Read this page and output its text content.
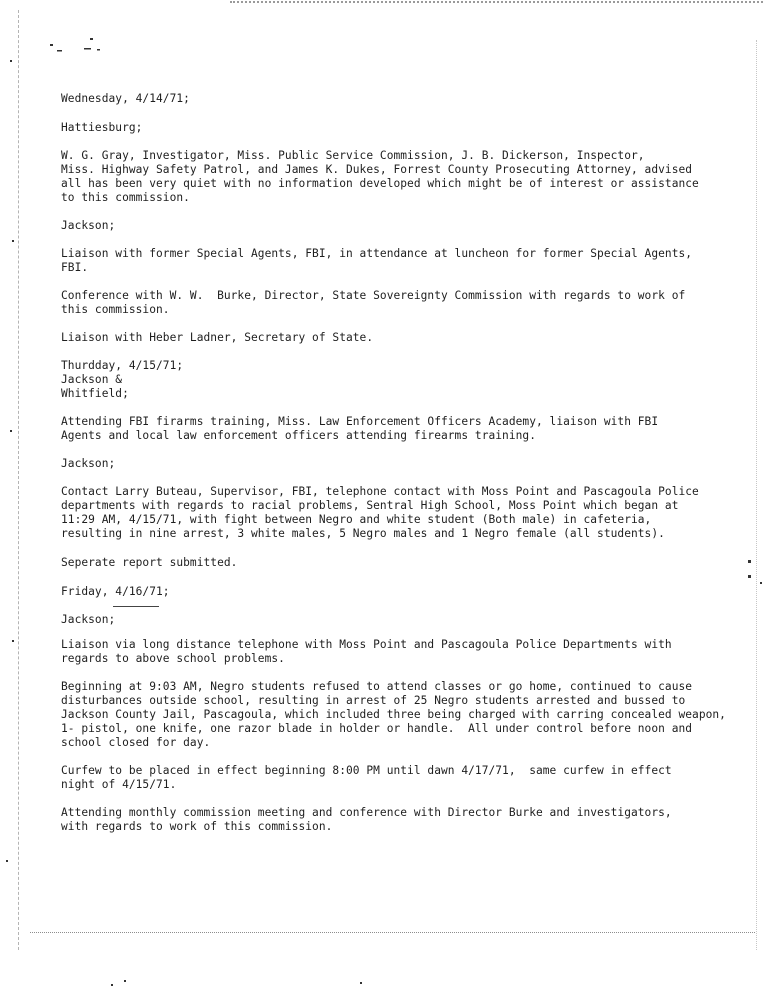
Wednesday, 4/14/71;
Hattiesburg;
W. G. Gray, Investigator, Miss. Public Service Commission, J. B. Dickerson, Inspector,
Miss. Highway Safety Patrol, and James K. Dukes, Forrest County Prosecuting Attorney, advised
all has been very quiet with no information developed which might be of interest or assistance
to this commission.
Jackson;
Liaison with former Special Agents, FBI, in attendance at luncheon for former Special Agents,
FBI.
Conference with W. W.  Burke, Director, State Sovereignty Commission with regards to work of
this commission.
Liaison with Heber Ladner, Secretary of State.
Thurdday, 4/15/71;
Jackson &
Whitfield;
Attending FBI firarms training, Miss. Law Enforcement Officers Academy, liaison with FBI
Agents and local law enforcement officers attending firearms training.
Jackson;
Contact Larry Buteau, Supervisor, FBI, telephone contact with Moss Point and Pascagoula Police
departments with regards to racial problems, Sentral High School, Moss Point which began at
11:29 AM, 4/15/71, with fight between Negro and white student (Both male) in cafeteria,
resulting in nine arrest, 3 white males, 5 Negro males and 1 Negro female (all students).
Seperate report submitted.
Friday, 4/16/71;
Jackson;
Liaison via long distance telephone with Moss Point and Pascagoula Police Departments with
regards to above school problems.
Beginning at 9:03 AM, Negro students refused to attend classes or go home, continued to cause
disturbances outside school, resulting in arrest of 25 Negro students arrested and bussed to
Jackson County Jail, Pascagoula, which included three being charged with carring concealed weapon,
1- pistol, one knife, one razor blade in holder or handle.  All under control before noon and
school closed for day.
Curfew to be placed in effect beginning 8:00 PM until dawn 4/17/71,  same curfew in effect
night of 4/15/71.
Attending monthly commission meeting and conference with Director Burke and investigators,
with regards to work of this commission.
